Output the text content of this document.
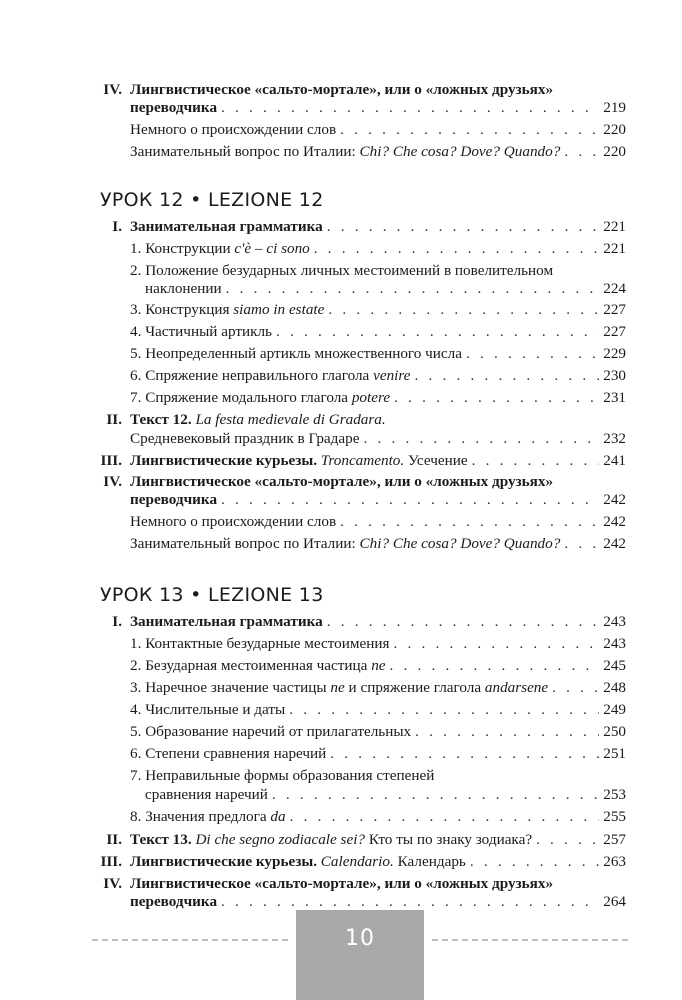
IV. Лингвистическое «сальто-мортале», или о «ложных друзьях»
переводчика . . .	219
Немного о происхождении слов . . .	220
Занимательный вопрос по Италии: Chi? Che cosa? Dove? Quando? . . .	220
УРОК 12 • LEZIONE 12
I. Занимательная грамматика . . .	221
1. Конструкции c'è – ci sono . . .	221
2. Положение безударных личных местоимений в повелительном
наклонении . . .	224
3. Конструкция siamo in estate . . .	227
4. Частичный артикль . . .	227
5. Неопределенный артикль множественного числа . . .	229
6. Спряжение неправильного глагола venire . . .	230
7. Спряжение модального глагола potere . . .	231
II. Текст 12. La festa medievale di Gradara.
Средневековый праздник в Градаре . . .	232
III. Лингвистические курьезы. Troncamento. Усечение . . .	241
IV. Лингвистическое «сальто-мортале», или о «ложных друзьях»
переводчика . . .	242
Немного о происхождении слов . . .	242
Занимательный вопрос по Италии: Chi? Che cosa? Dove? Quando? . . .	242
УРОК 13 • LEZIONE 13
I. Занимательная грамматика . . .	243
1. Контактные безударные местоимения . . .	243
2. Безударная местоименная частица ne . . .	245
3. Наречное значение частицы ne и спряжение глагола andarsene . . .	248
4. Числительные и даты . . .	249
5. Образование наречий от прилагательных . . .	250
6. Степени сравнения наречий . . .	251
7. Неправильные формы образования степеней
сравнения наречий . . .	253
8. Значения предлога da . . .	255
II. Текст 13. Di che segno zodiacale sei? Кто ты по знаку зодиака? . . .	257
III. Лингвистические курьезы. Calendario. Календарь . . .	263
IV. Лингвистическое «сальто-мортале», или о «ложных друзьях»
переводчика . . .	264
10
